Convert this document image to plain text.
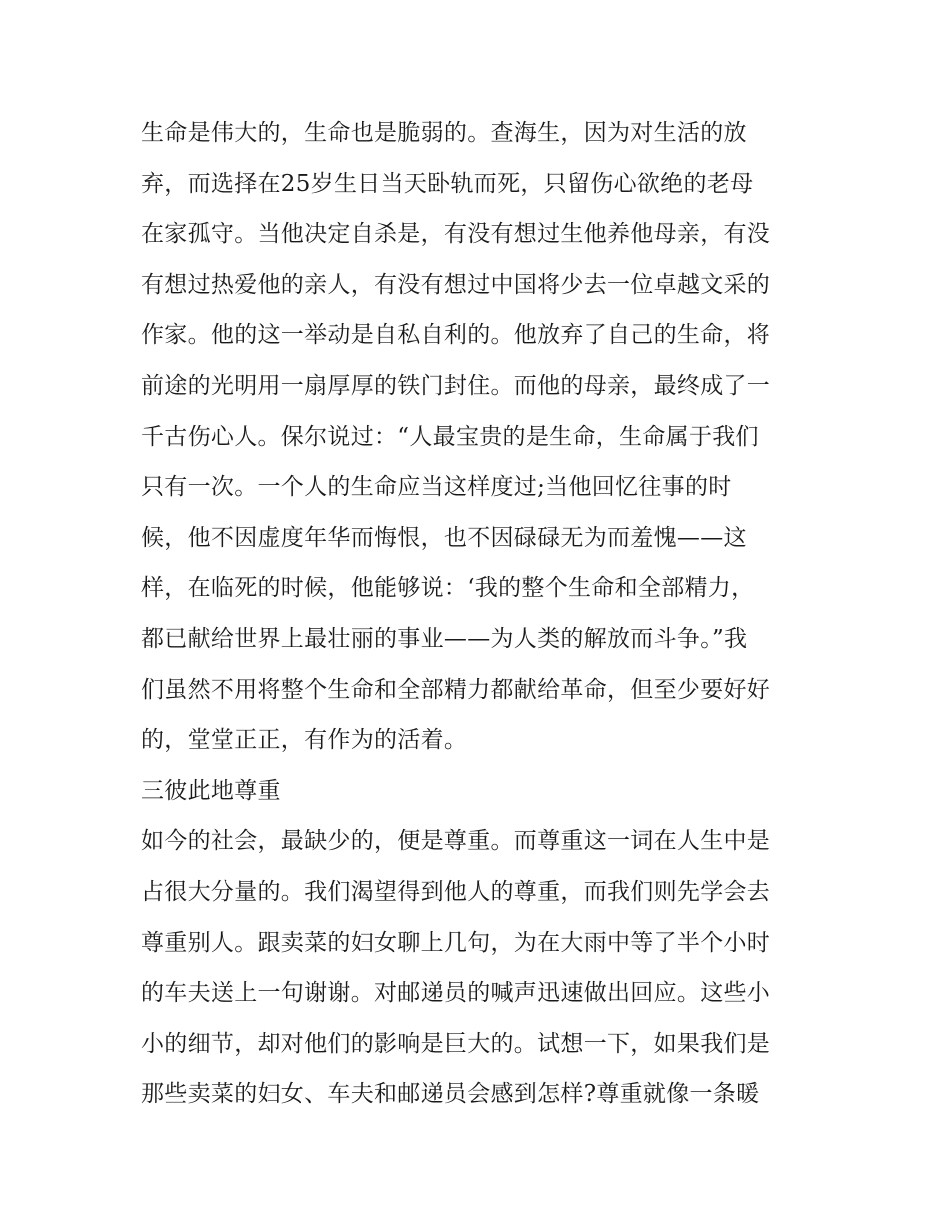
生命是伟大的，生命也是脆弱的。查海生，因为对生活的放
弃，而选择在25岁生日当天卧轨而死，只留伤心欲绝的老母
在家孤守。当他决定自杀是，有没有想过生他养他母亲，有没
有想过热爱他的亲人，有没有想过中国将少去一位卓越文采的
作家。他的这一举动是自私自利的。他放弃了自己的生命，将
前途的光明用一扇厚厚的铁门封住。而他的母亲，最终成了一
千古伤心人。保尔说过：“人最宝贵的是生命，生命属于我们
只有一次。一个人的生命应当这样度过;当他回忆往事的时
候，他不因虚度年华而悔恨，也不因碌碌无为而羞愧——这
样，在临死的时候，他能够说：‘我的整个生命和全部精力，
都已献给世界上最壮丽的事业——为人类的解放而斗争。”我
们虽然不用将整个生命和全部精力都献给革命，但至少要好好
的，堂堂正正，有作为的活着。
三彼此地尊重
如今的社会，最缺少的，便是尊重。而尊重这一词在人生中是
占很大分量的。我们渴望得到他人的尊重，而我们则先学会去
尊重别人。跟卖菜的妇女聊上几句，为在大雨中等了半个小时
的车夫送上一句谢谢。对邮递员的喊声迅速做出回应。这些小
小的细节，却对他们的影响是巨大的。试想一下，如果我们是
那些卖菜的妇女、车夫和邮递员会感到怎样?尊重就像一条暖
